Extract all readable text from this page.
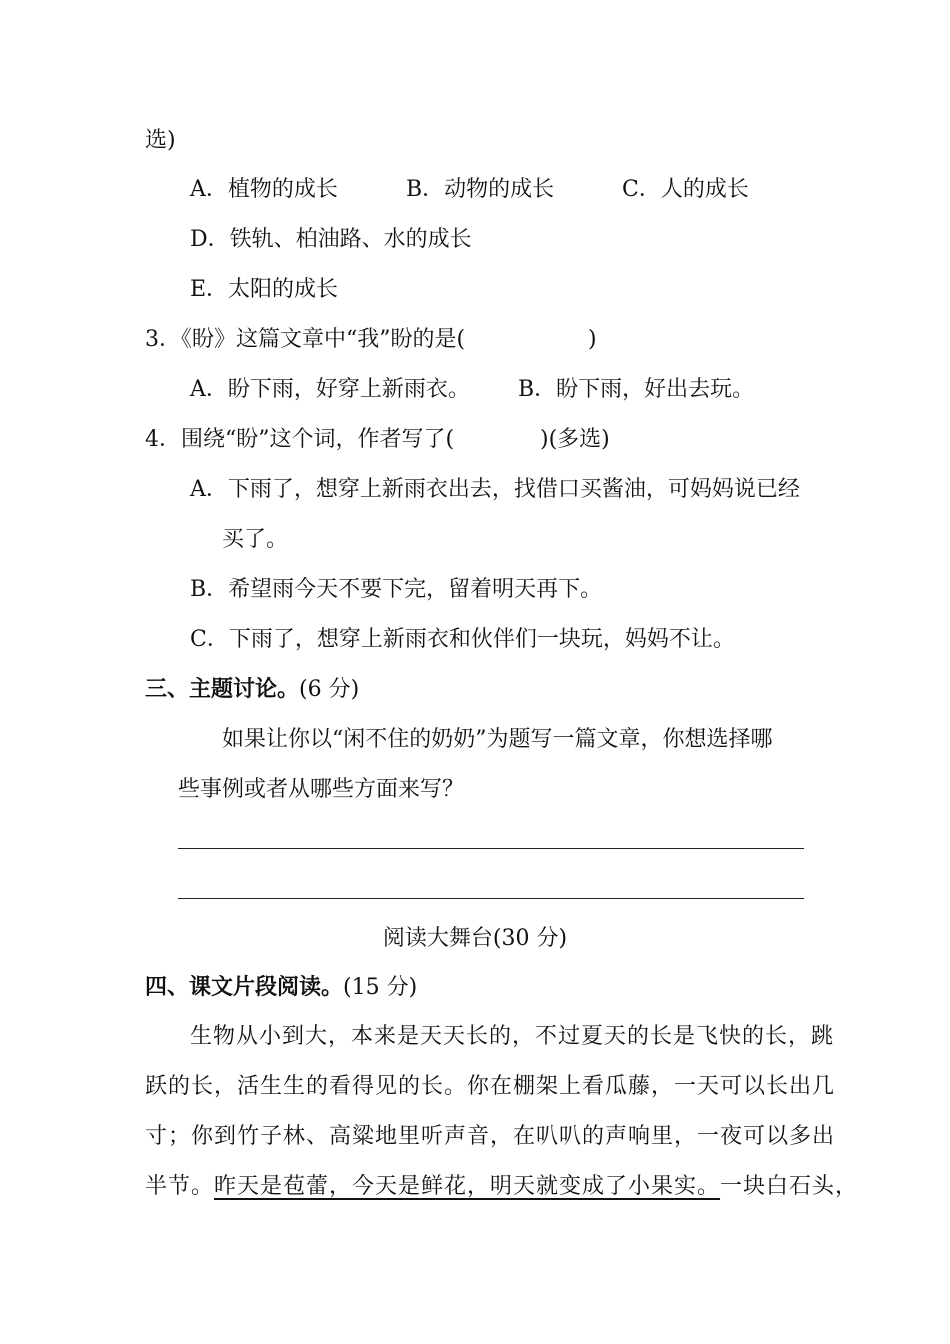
选)
A．植物的成长	B．动物的成长	C．人的成长
D．铁轨、柏油路、水的成长
E．太阳的成长
3．《盼》这篇文章中“我”盼的是(	)
A．盼下雨，好穿上新雨衣。 B．盼下雨，好出去玩。
4．围绕“盼”这个词，作者写了(	)(多选)
A．下雨了，想穿上新雨衣出去，找借口买酱油，可妈妈说已经
买了。
B．希望雨今天不要下完，留着明天再下。
C．下雨了，想穿上新雨衣和伙伴们一块玩，妈妈不让。
三、主题讨论。(6 分)
如果让你以“闲不住的奶奶”为题写一篇文章，你想选择哪
些事例或者从哪些方面来写？
阅读大舞台(30 分)
四、课文片段阅读。(15 分)
生物从小到大，本来是天天长的，不过夏天的长是飞快的长，跳
跃的长，活生生的看得见的长。你在棚架上看瓜藤，一天可以长出几
寸；你到竹子林、高粱地里听声音，在叭叭的声响里，一夜可以多出
半节。昨天是苞蕾，今天是鲜花，明天就变成了小果实。一块白石头，
